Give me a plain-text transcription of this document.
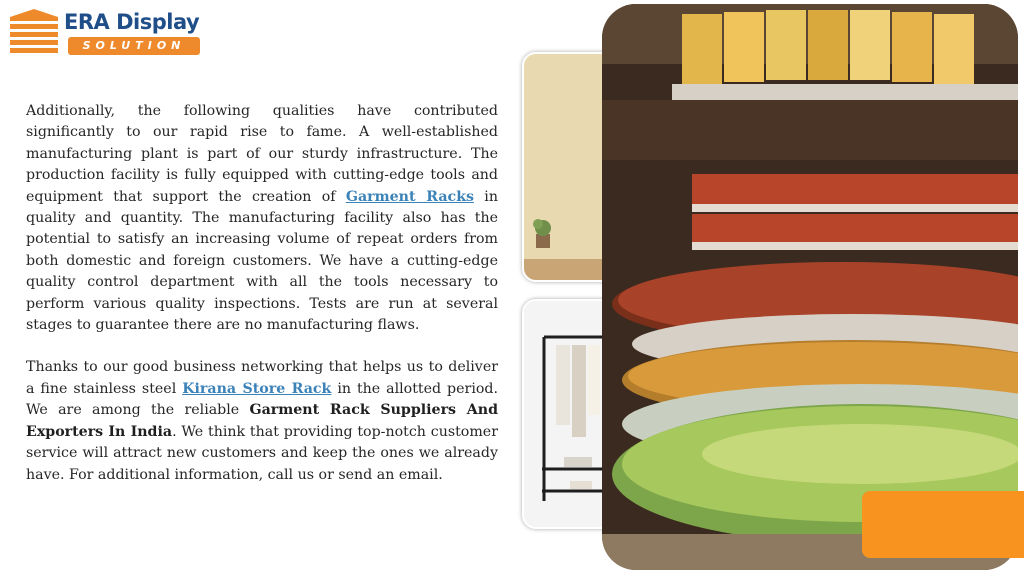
ERA Display
SOLUTION

Additionally, the following qualities have contributed significantly to our rapid rise to fame. A well-established manufacturing plant is part of our sturdy infrastructure. The production facility is fully equipped with cutting-edge tools and equipment that support the creation of Garment Racks in quality and quantity. The manufacturing facility also has the potential to satisfy an increasing volume of repeat orders from both domestic and foreign customers. We have a cutting-edge quality control department with all the tools necessary to perform various quality inspections. Tests are run at several stages to guarantee there are no manufacturing flaws.

Thanks to our good business networking that helps us to deliver a fine stainless steel Kirana Store Rack in the allotted period. We are among the reliable Garment Rack Suppliers And Exporters In India. We think that providing top-notch customer service will attract new customers and keep the ones we already have. For additional information, call us or send an email.
